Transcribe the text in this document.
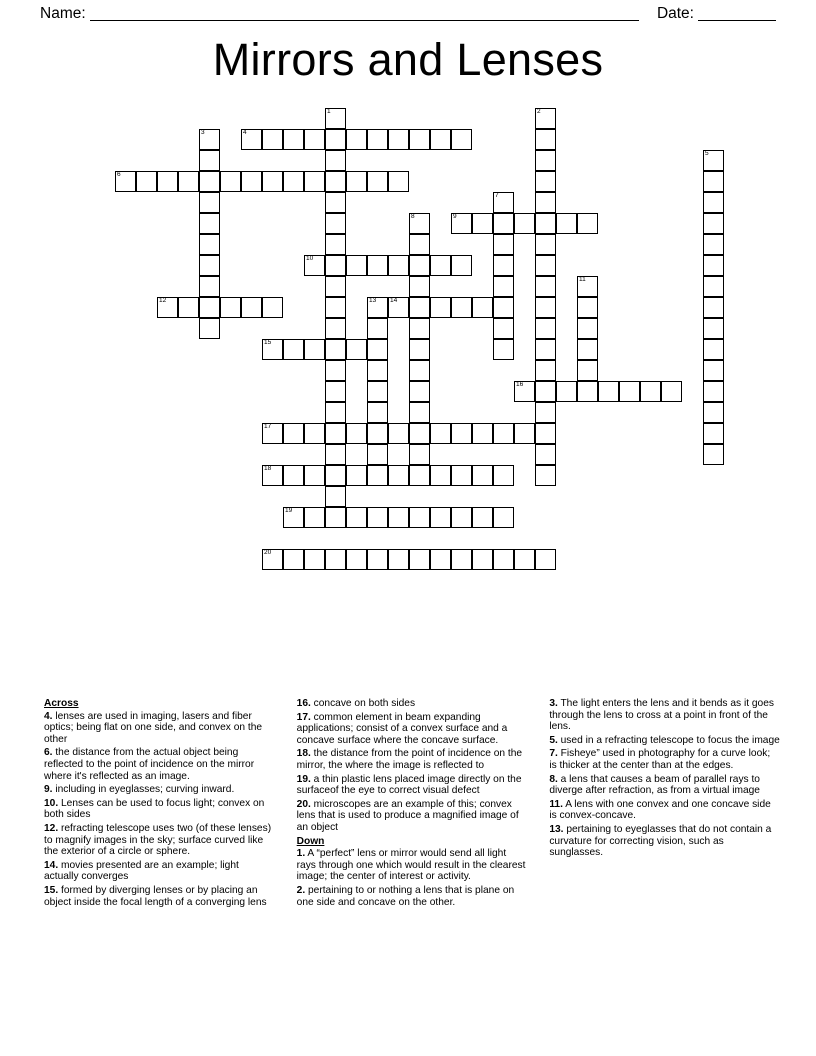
Name:	Date:
Mirrors and Lenses
4
6
9
10
12	14
15
16
17
18
19
20
1	2
3
5
7
8
11
13
Across

4. lenses are used in imaging, lasers and fiber optics; being flat on one side, and convex on the other

6. the distance from the actual object being reflected to the point of incidence on the mirror where it's reflected as an image.

9. including in eyeglasses; curving inward.

10. Lenses can be used to focus light; convex on both sides

12. refracting telescope uses two (of these lenses) to magnify images in the sky; surface curved like the exterior of a circle or sphere.

14. movies presented are an example; light actually converges

15. formed by diverging lenses or by placing an object inside the focal length of a converging lens

16. concave on both sides

17. common element in beam expanding applications; consist of a convex surface and a concave surface where the concave surface.

18. the distance from the point of incidence on the mirror, the where the image is reflected to

19. a thin plastic lens placed image directly on the surfaceof the eye to correct visual defect

20. microscopes are an example of this; convex lens that is used to produce a magnified image of an object

Down

1. A “perfect” lens or mirror would send all light rays through one which would result in the clearest image; the center of interest or activity.

2. pertaining to or nothing a lens that is plane on one side and concave on the other.

3. The light enters the lens and it bends as it goes through the lens to cross at a point in front of the lens.

5. used in a refracting telescope to focus the image

7. Fisheye” used in photography for a curve look; is thicker at the center than at the edges.

8. a lens that causes a beam of parallel rays to diverge after refraction, as from a virtual image

11. A lens with one convex and one concave side is convex-concave.

13. pertaining to eyeglasses that do not contain a curvature for correcting vision, such as sunglasses.
